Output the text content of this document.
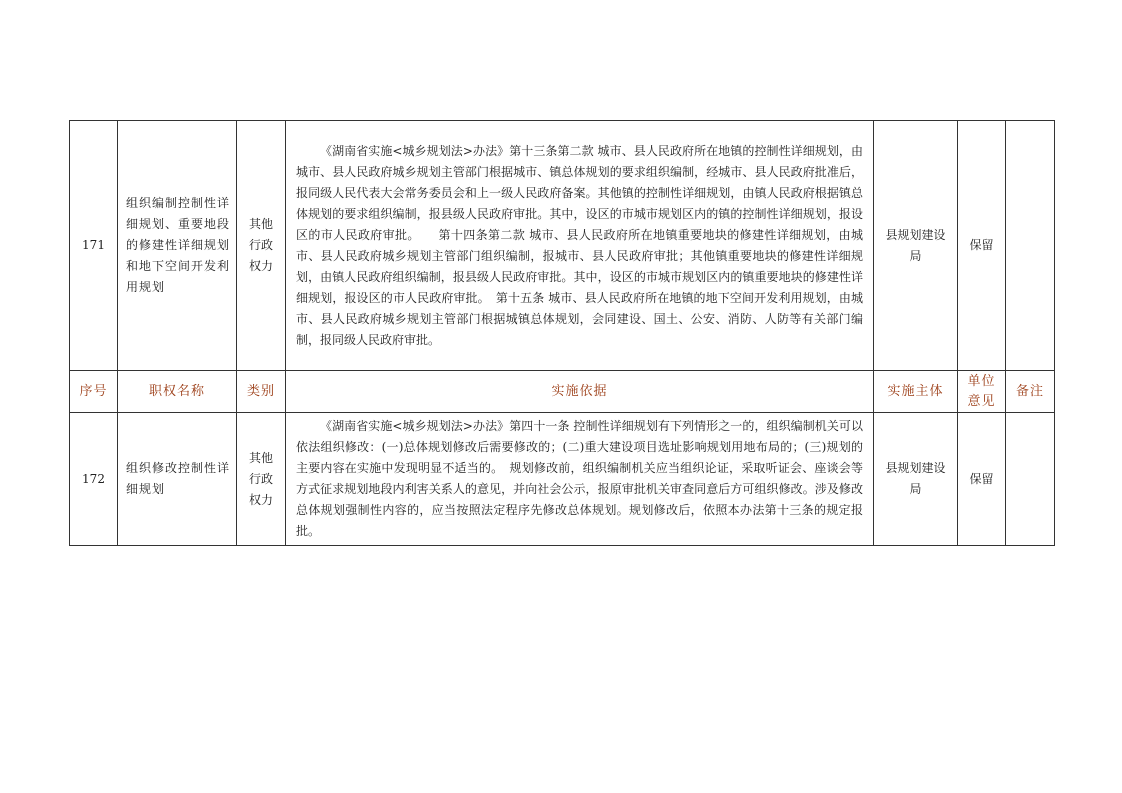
171	组织编制控制性详细规划、重要地段的修建性详细规划和地下空间开发利用规划	其他行政权力	《湖南省实施<城乡规划法>办法》第十三条第二款 城市、县人民政府所在地镇的控制性详细规划，由城市、县人民政府城乡规划主管部门根据城市、镇总体规划的要求组织编制，经城市、县人民政府批准后，报同级人民代表大会常务委员会和上一级人民政府备案。其他镇的控制性详细规划，由镇人民政府根据镇总体规划的要求组织编制，报县级人民政府审批。其中，设区的市城市规划区内的镇的控制性详细规划，报设区的市人民政府审批。　　第十四条第二款 城市、县人民政府所在地镇重要地块的修建性详细规划，由城市、县人民政府城乡规划主管部门组织编制，报城市、县人民政府审批；其他镇重要地块的修建性详细规划，由镇人民政府组织编制，报县级人民政府审批。其中，设区的市城市规划区内的镇重要地块的修建性详细规划，报设区的市人民政府审批。　第十五条 城市、县人民政府所在地镇的地下空间开发利用规划，由城市、县人民政府城乡规划主管部门根据城镇总体规划，会同建设、国土、公安、消防、人防等有关部门编制，报同级人民政府审批。	县规划建设局	保留	
序号	职权名称	类别	实施依据	实施主体	单位意见	备注
172	组织修改控制性详细规划	其他行政权力	《湖南省实施<城乡规划法>办法》第四十一条 控制性详细规划有下列情形之一的，组织编制机关可以依法组织修改：(一)总体规划修改后需要修改的；(二)重大建设项目选址影响规划用地布局的；(三)规划的主要内容在实施中发现明显不适当的。　规划修改前，组织编制机关应当组织论证，采取听证会、座谈会等方式征求规划地段内利害关系人的意见，并向社会公示，报原审批机关审查同意后方可组织修改。涉及修改总体规划强制性内容的，应当按照法定程序先修改总体规划。规划修改后，依照本办法第十三条的规定报批。	县规划建设局	保留	
